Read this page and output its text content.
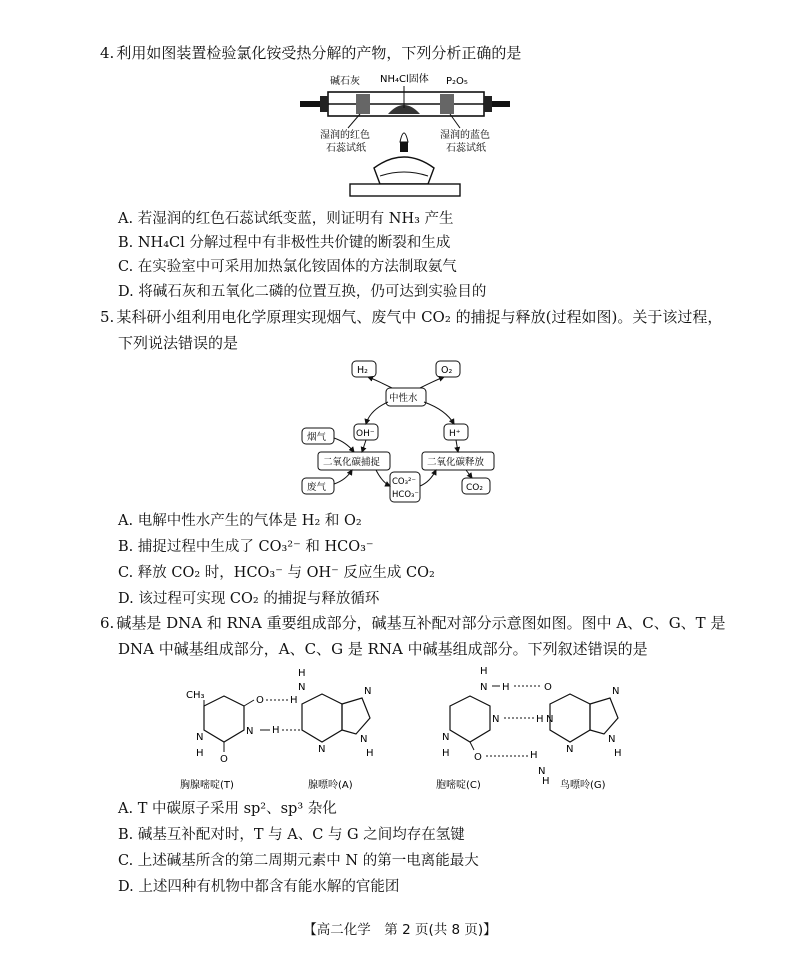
4. 利用如图装置检验氯化铵受热分解的产物，下列分析正确的是
碱石灰 NH₄Cl固体 P₂O₅
湿润的红色
石蕊试纸
湿润的蓝色
石蕊试纸
A. 若湿润的红色石蕊试纸变蓝，则证明有 NH₃ 产生
B. NH₄Cl 分解过程中有非极性共价键的断裂和生成
C. 在实验室中可采用加热氯化铵固体的方法制取氨气
D. 将碱石灰和五氧化二磷的位置互换，仍可达到实验目的
5. 某科研小组利用电化学原理实现烟气、废气中 CO₂ 的捕捉与释放(过程如图)。关于该过程，
下列说法错误的是
H₂	O₂
中性水
OH⁻	H⁺
烟气
二氧化碳捕捉	二氧化碳释放
废气	CO₃²⁻
HCO₃⁻
CO₂
A. 电解中性水产生的气体是 H₂ 和 O₂
B. 捕捉过程中生成了 CO₃²⁻ 和 HCO₃⁻
C. 释放 CO₂ 时，HCO₃⁻ 与 OH⁻ 反应生成 CO₂
D. 该过程可实现 CO₂ 的捕捉与释放循环
6. 碱基是 DNA 和 RNA 重要组成部分，碱基互补配对部分示意图如图。图中 A、C、G、T 是
DNA 中碱基组成部分，A、C、G 是 RNA 中碱基组成部分。下列叙述错误的是
CH₃	O
N
O
N
H
H
H
N
H
N
N
N
H
胸腺嘧啶(T)	腺嘌呤(A)
H
N H
N	H
N
H O
O
N
N
H
N
H
N
N
H
胞嘧啶(C)	鸟嘌呤(G)
A. T 中碳原子采用 sp²、sp³ 杂化
B. 碱基互补配对时，T 与 A、C 与 G 之间均存在氢键
C. 上述碱基所含的第二周期元素中 N 的第一电离能最大
D. 上述四种有机物中都含有能水解的官能团
【高二化学　第 2 页(共 8 页)】
